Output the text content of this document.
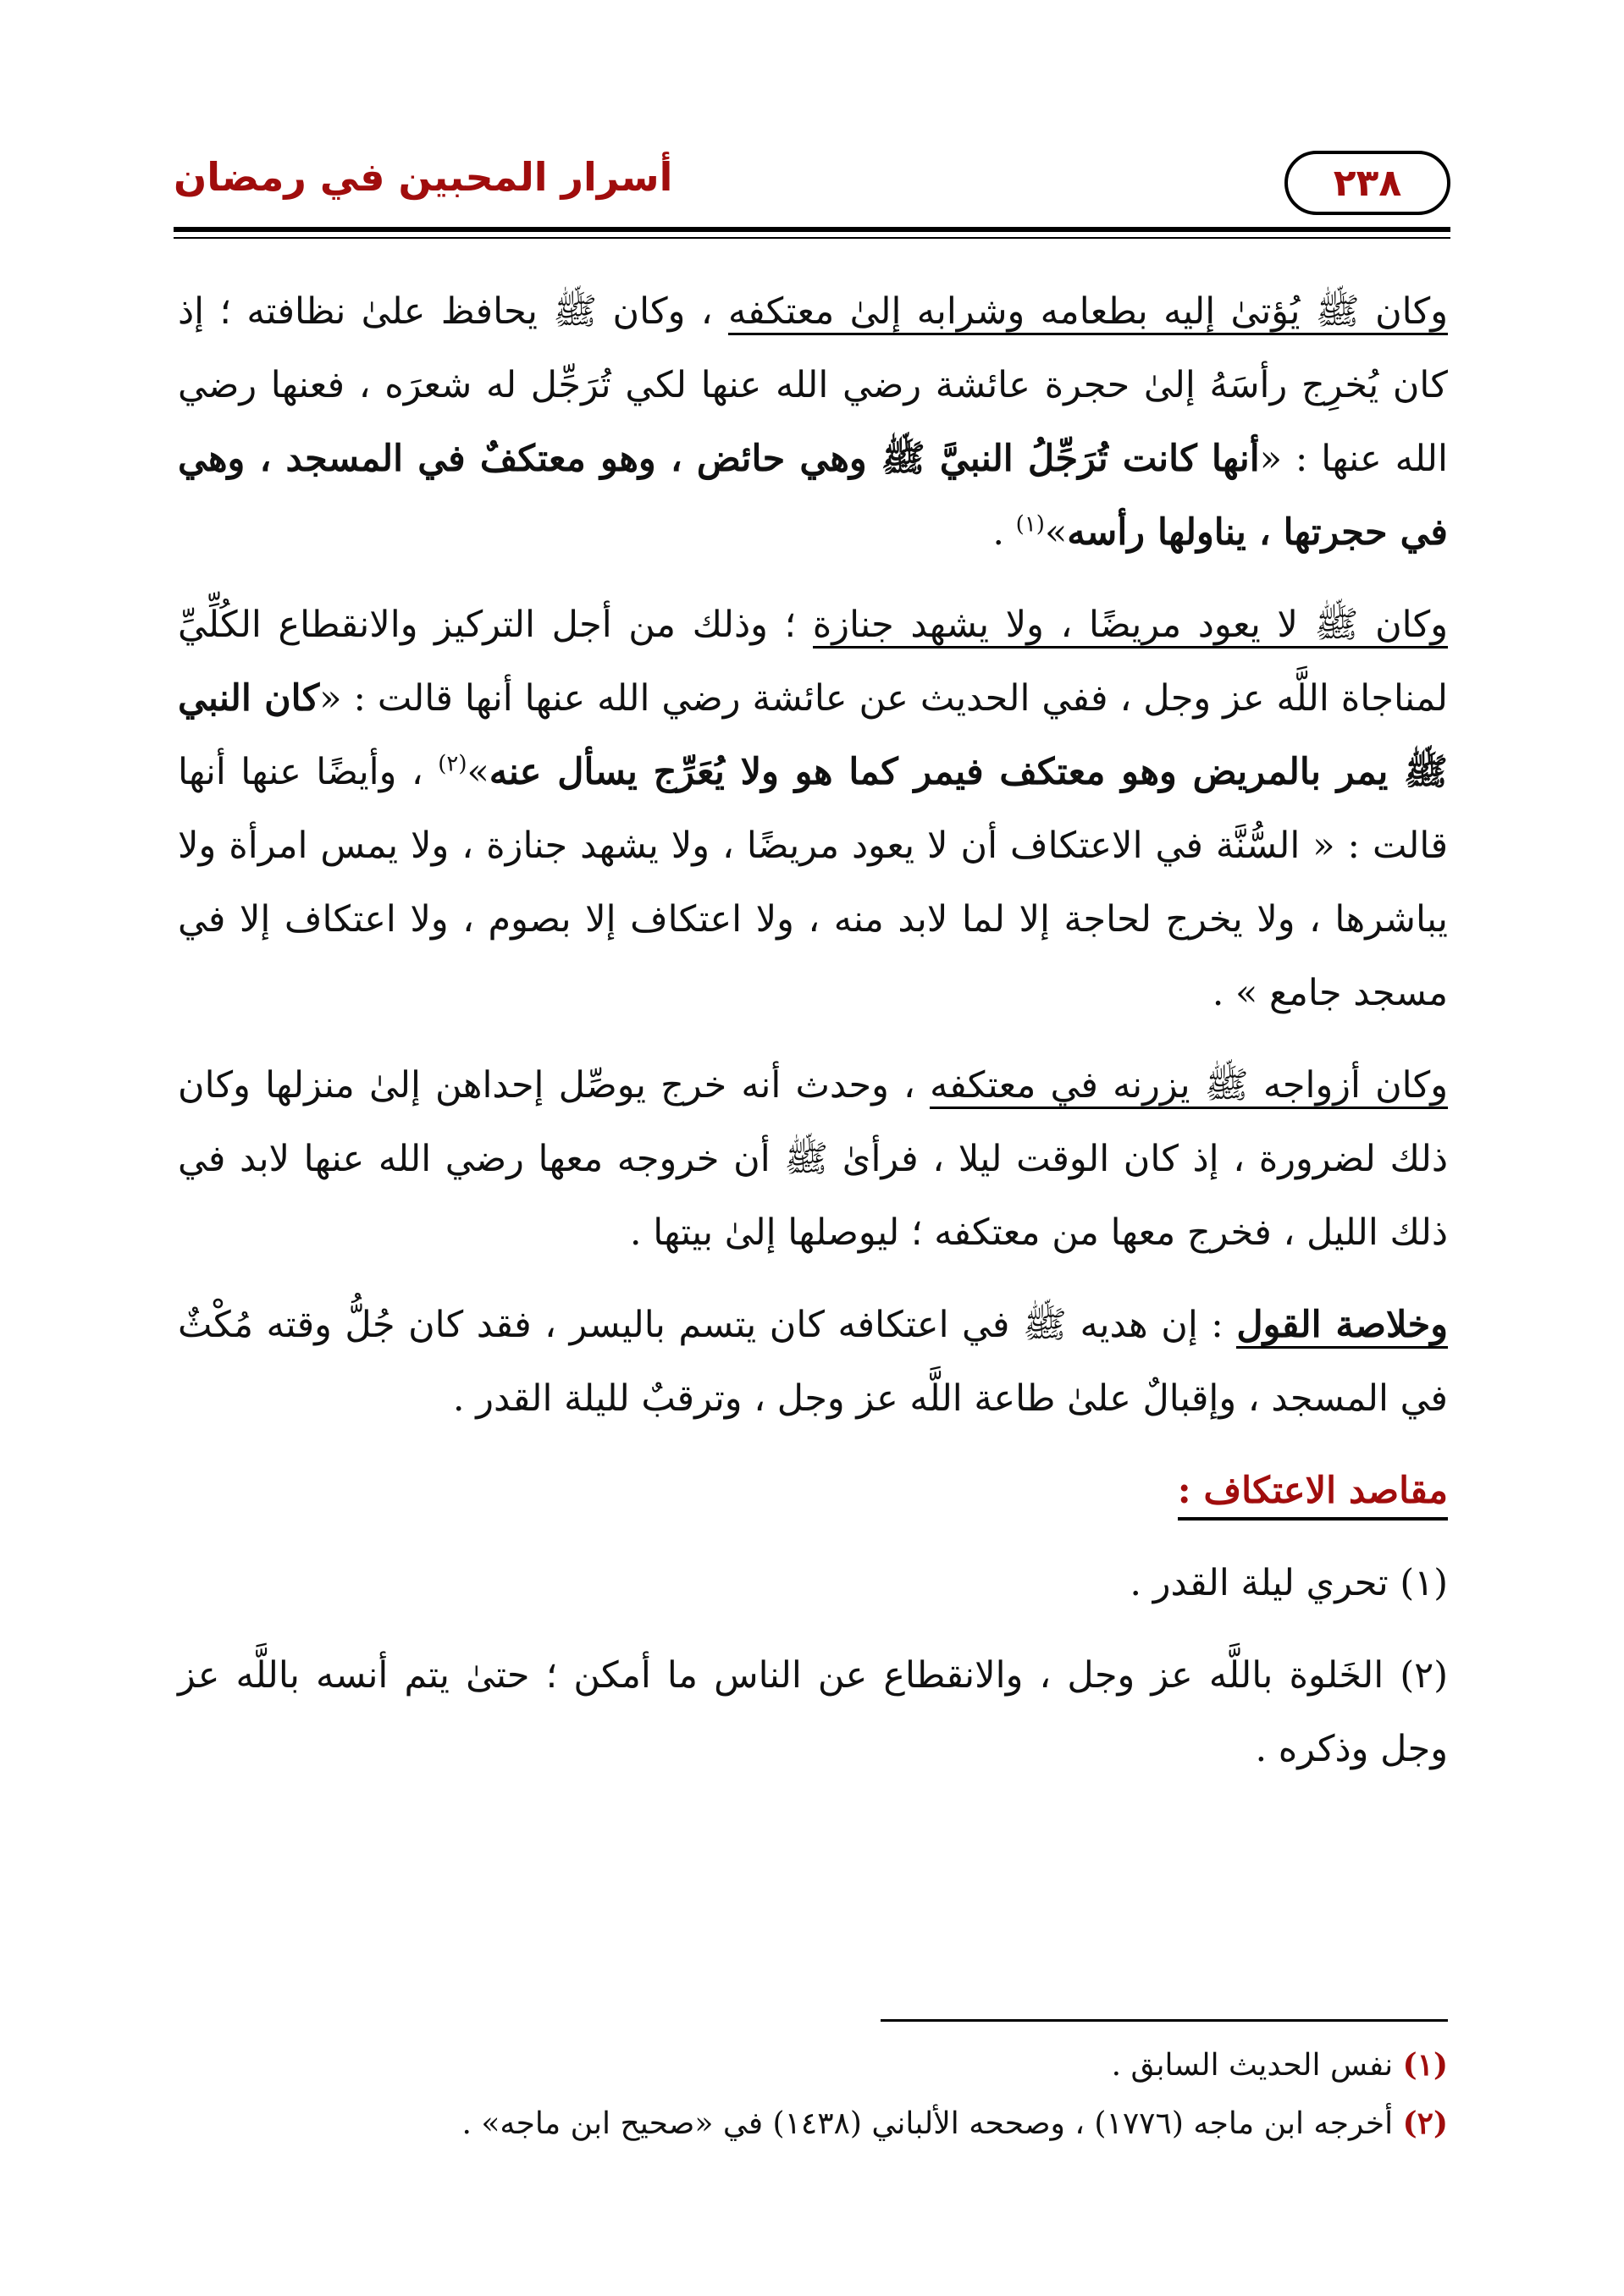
٢٣٨
أسرار المحبين في رمضان

وكان ﷺ يُؤتىٰ إليه بطعامه وشرابه إلىٰ معتكفه ، وكان ﷺ يحافظ علىٰ نظافته ؛ إذ كان يُخرِج رأسَهُ إلىٰ حجرة عائشة رضي الله عنها لكي تُرَجِّل له شعرَه ، فعنها رضي الله عنها : «أنها كانت تُرَجِّلُ النبيَّ ﷺ وهي حائض ، وهو معتكفٌ في المسجد ، وهي في حجرتها ، يناولها رأسه»$^{(١)}$ .

وكان ﷺ لا يعود مريضًا ، ولا يشهد جنازة ؛ وذلك من أجل التركيز والانقطاع الكُلِّيِّ لمناجاة اللَّه عز وجل ، ففي الحديث عن عائشة رضي الله عنها أنها قالت : «كان النبي ﷺ يمر بالمريض وهو معتكف فيمر كما هو ولا يُعَرِّج يسأل عنه»$^{(٢)}$ ، وأيضًا عنها أنها قالت : « السُّنَّة في الاعتكاف أن لا يعود مريضًا ، ولا يشهد جنازة ، ولا يمس امرأة ولا يباشرها ، ولا يخرج لحاجة إلا لما لابد منه ، ولا اعتكاف إلا بصوم ، ولا اعتكاف إلا في مسجد جامع » .

وكان أزواجه ﷺ يزرنه في معتكفه ، وحدث أنه خرج يوصِّل إحداهن إلىٰ منزلها وكان ذلك لضرورة ، إذ كان الوقت ليلا ، فرأىٰ ﷺ أن خروجه معها رضي الله عنها لابد في ذلك الليل ، فخرج معها من معتكفه ؛ ليوصلها إلىٰ بيتها .

وخلاصة القول : إن هديه ﷺ في اعتكافه كان يتسم باليسر ، فقد كان جُلُّ وقته مُكْثٌ في المسجد ، وإقبالٌ علىٰ طاعة اللَّه عز وجل ، وترقبٌ لليلة القدر .

مقاصد الاعتكاف :

(١) تحري ليلة القدر .

(٢) الخَلوة باللَّه عز وجل ، والانقطاع عن الناس ما أمكن ؛ حتىٰ يتم أنسه باللَّه عز وجل وذكره .

(١) نفس الحديث السابق .
(٢) أخرجه ابن ماجه (١٧٧٦) ، وصححه الألباني (١٤٣٨) في «صحيح ابن ماجه» .
